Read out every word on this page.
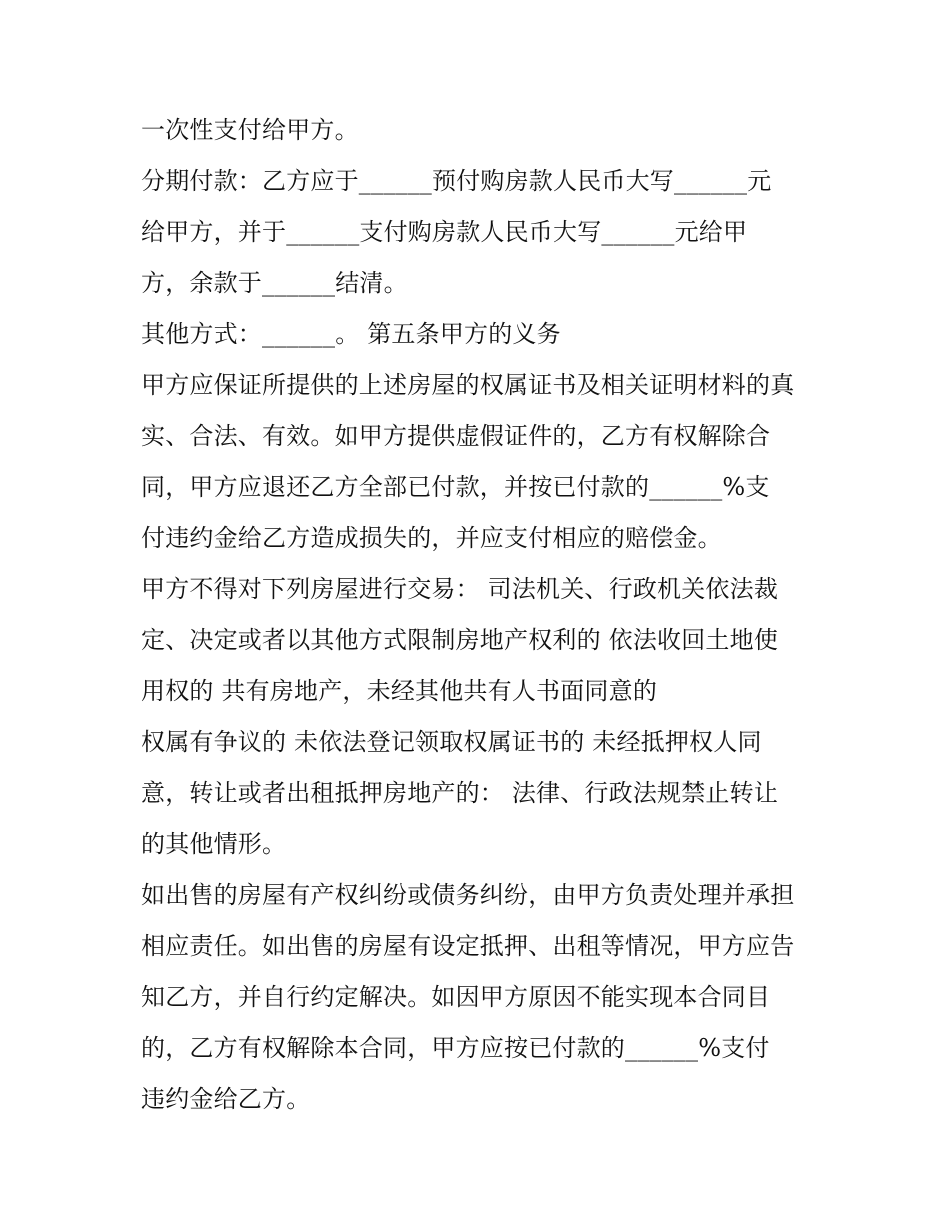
一次性支付给甲方。
分期付款：乙方应于______预付购房款人民币大写______元
给甲方，并于______支付购房款人民币大写______元给甲
方，余款于______结清。
其他方式：______。 第五条甲方的义务
甲方应保证所提供的上述房屋的权属证书及相关证明材料的真
实、合法、有效。如甲方提供虚假证件的，乙方有权解除合
同，甲方应退还乙方全部已付款，并按已付款的______%支
付违约金给乙方造成损失的，并应支付相应的赔偿金。
甲方不得对下列房屋进行交易： 司法机关、行政机关依法裁
定、决定或者以其他方式限制房地产权利的 依法收回土地使
用权的 共有房地产，未经其他共有人书面同意的
权属有争议的 未依法登记领取权属证书的 未经抵押权人同
意，转让或者出租抵押房地产的： 法律、行政法规禁止转让
的其他情形。
如出售的房屋有产权纠纷或债务纠纷，由甲方负责处理并承担
相应责任。如出售的房屋有设定抵押、出租等情况，甲方应告
知乙方，并自行约定解决。如因甲方原因不能实现本合同目
的，乙方有权解除本合同，甲方应按已付款的______%支付
违约金给乙方。
